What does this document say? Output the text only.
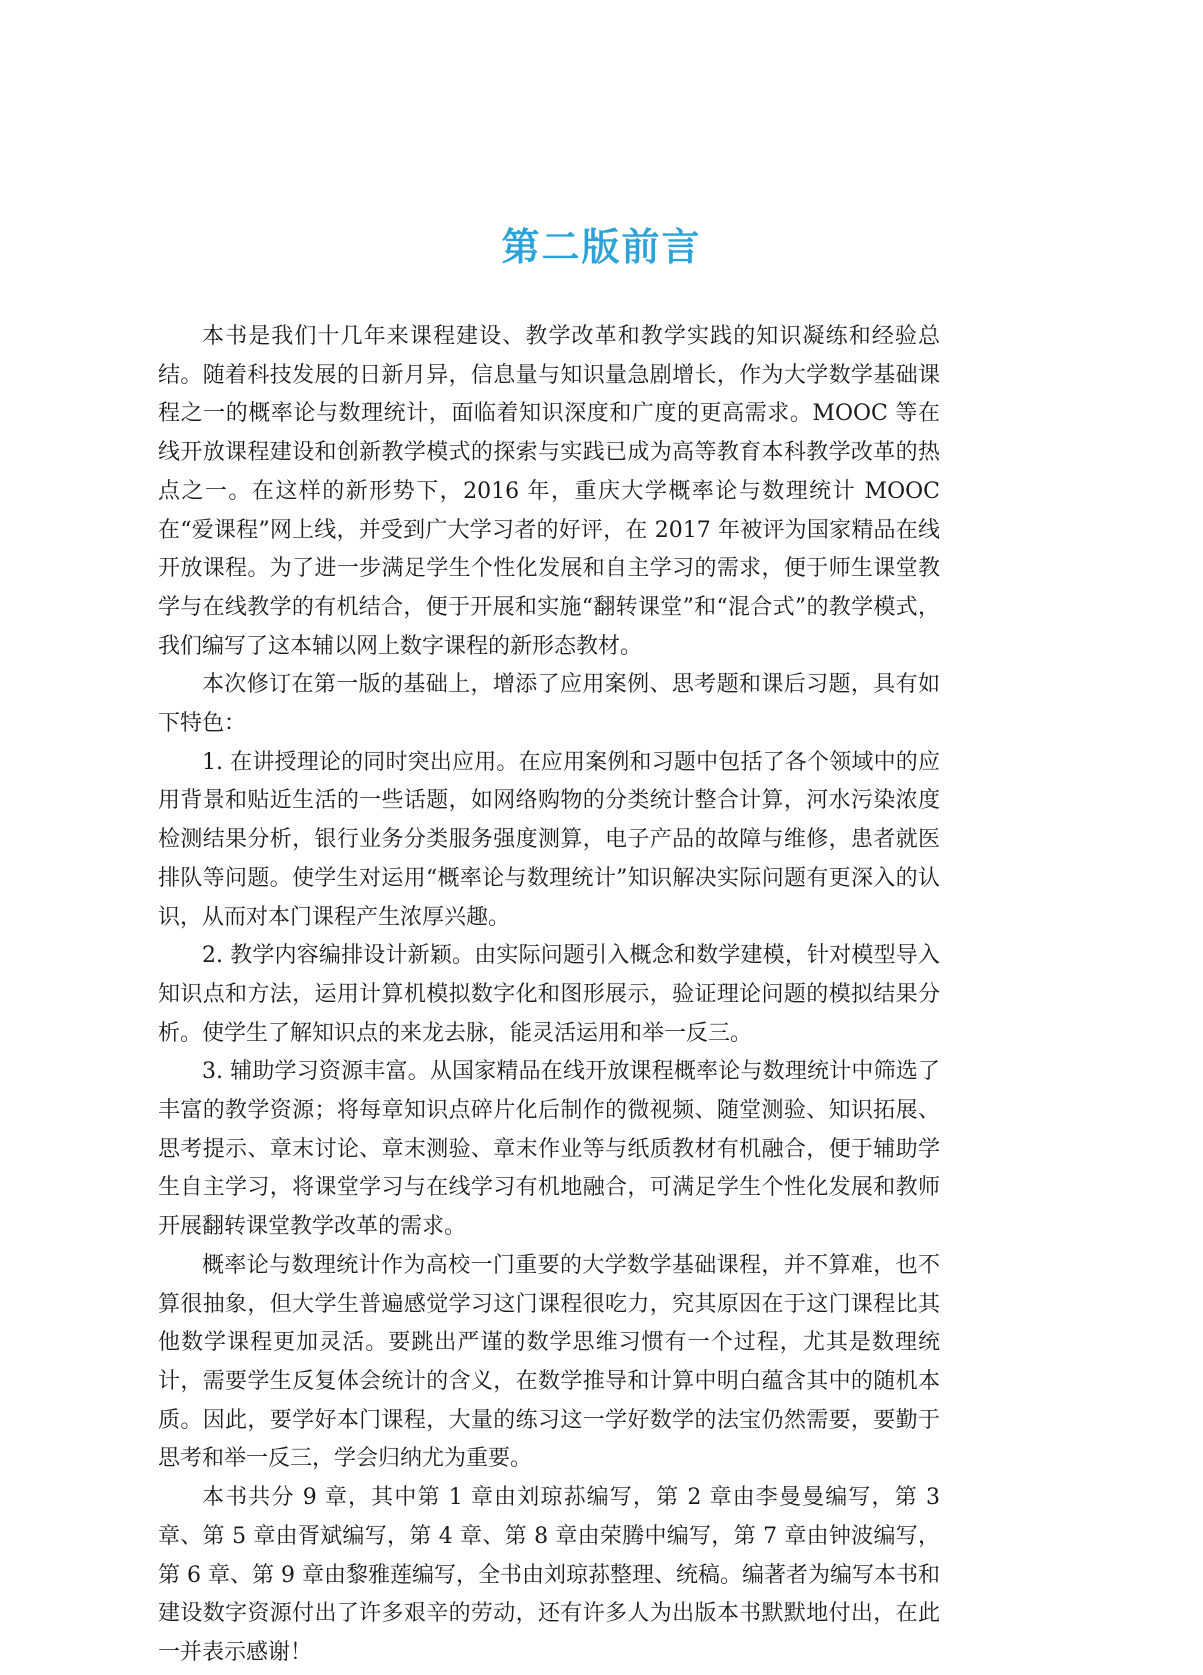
第二版前言

本书是我们十几年来课程建设、教学改革和教学实践的知识凝练和经验总结。随着科技发展的日新月异，信息量与知识量急剧增长，作为大学数学基础课程之一的概率论与数理统计，面临着知识深度和广度的更高需求。MOOC 等在线开放课程建设和创新教学模式的探索与实践已成为高等教育本科教学改革的热点之一。在这样的新形势下，2016 年，重庆大学概率论与数理统计 MOOC 在“爱课程”网上线，并受到广大学习者的好评，在 2017 年被评为国家精品在线开放课程。为了进一步满足学生个性化发展和自主学习的需求，便于师生课堂教学与在线教学的有机结合，便于开展和实施“翻转课堂”和“混合式”的教学模式，我们编写了这本辅以网上数字课程的新形态教材。

本次修订在第一版的基础上，增添了应用案例、思考题和课后习题，具有如下特色：

1. 在讲授理论的同时突出应用。在应用案例和习题中包括了各个领域中的应用背景和贴近生活的一些话题，如网络购物的分类统计整合计算，河水污染浓度检测结果分析，银行业务分类服务强度测算，电子产品的故障与维修，患者就医排队等问题。使学生对运用“概率论与数理统计”知识解决实际问题有更深入的认识，从而对本门课程产生浓厚兴趣。

2. 教学内容编排设计新颖。由实际问题引入概念和数学建模，针对模型导入知识点和方法，运用计算机模拟数字化和图形展示，验证理论问题的模拟结果分析。使学生了解知识点的来龙去脉，能灵活运用和举一反三。

3. 辅助学习资源丰富。从国家精品在线开放课程概率论与数理统计中筛选了丰富的教学资源；将每章知识点碎片化后制作的微视频、随堂测验、知识拓展、思考提示、章末讨论、章末测验、章末作业等与纸质教材有机融合，便于辅助学生自主学习，将课堂学习与在线学习有机地融合，可满足学生个性化发展和教师开展翻转课堂教学改革的需求。

概率论与数理统计作为高校一门重要的大学数学基础课程，并不算难，也不算很抽象，但大学生普遍感觉学习这门课程很吃力，究其原因在于这门课程比其他数学课程更加灵活。要跳出严谨的数学思维习惯有一个过程，尤其是数理统计，需要学生反复体会统计的含义，在数学推导和计算中明白蕴含其中的随机本质。因此，要学好本门课程，大量的练习这一学好数学的法宝仍然需要，要勤于思考和举一反三，学会归纳尤为重要。

本书共分 9 章，其中第 1 章由刘琼荪编写，第 2 章由李曼曼编写，第 3 章、第 5 章由胥斌编写，第 4 章、第 8 章由荣腾中编写，第 7 章由钟波编写，第 6 章、第 9 章由黎雅莲编写，全书由刘琼荪整理、统稿。编著者为编写本书和建设数字资源付出了许多艰辛的劳动，还有许多人为出版本书默默地付出，在此一并表示感谢！
